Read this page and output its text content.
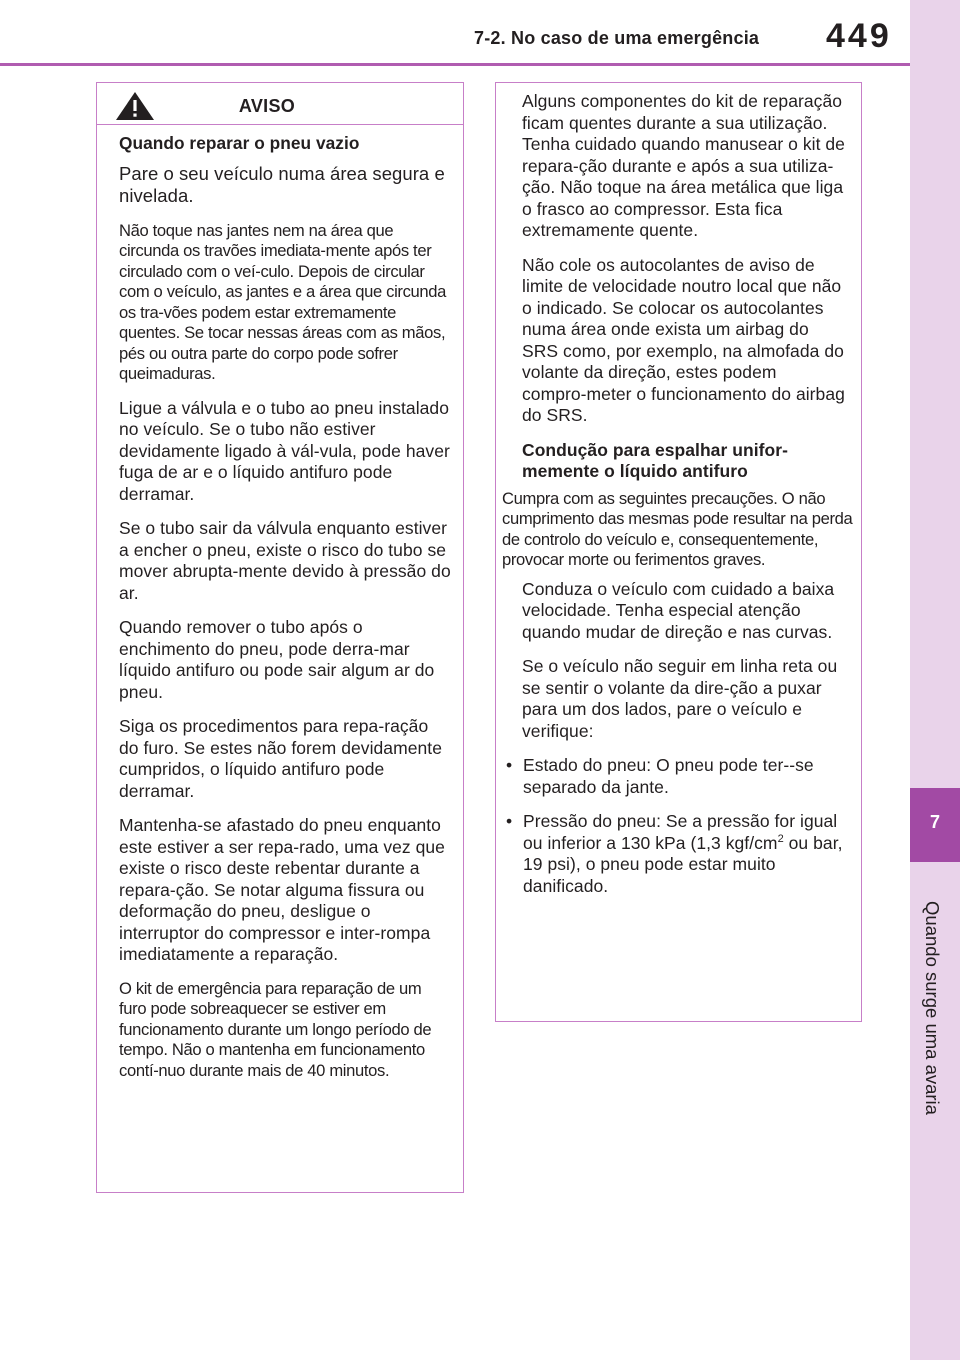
7-2. No caso de uma emergência 449
7
Quando surge uma avaria
AVISO
Quando reparar o pneu vazio
Pare o seu veículo numa área segura e nivelada.
Não toque nas jantes nem na área que circunda os travões imediata-mente após ter circulado com o veí-culo. Depois de circular com o veículo, as jantes e a área que circunda os tra-vões podem estar extremamente quentes. Se tocar nessas áreas com as mãos, pés ou outra parte do corpo pode sofrer queimaduras.
Ligue a válvula e o tubo ao pneu instalado no veículo. Se o tubo não estiver devidamente ligado à vál-vula, pode haver fuga de ar e o líquido antifuro pode derramar.
Se o tubo sair da válvula enquanto estiver a encher o pneu, existe o risco do tubo se mover abrupta-mente devido à pressão do ar.
Quando remover o tubo após o enchimento do pneu, pode derra-mar líquido antifuro ou pode sair algum ar do pneu.
Siga os procedimentos para repa-ração do furo. Se estes não forem devidamente cumpridos, o líquido antifuro pode derramar.
Mantenha-se afastado do pneu enquanto este estiver a ser repa-rado, uma vez que existe o risco deste rebentar durante a repara-ção. Se notar alguma fissura ou deformação do pneu, desligue o interruptor do compressor e inter-rompa imediatamente a reparação.
O kit de emergência para reparação de um furo pode sobreaquecer se estiver em funcionamento durante um longo período de tempo. Não o mantenha em funcionamento contí-nuo durante mais de 40 minutos.
Alguns componentes do kit de reparação ficam quentes durante a sua utilização. Tenha cuidado quando manusear o kit de repara-ção durante e após a sua utiliza-ção. Não toque na área metálica que liga o frasco ao compressor. Esta fica extremamente quente.
Não cole os autocolantes de aviso de limite de velocidade noutro local que não o indicado. Se colocar os autocolantes numa área onde exista um airbag do SRS como, por exemplo, na almofada do volante da direção, estes podem compro-meter o funcionamento do airbag do SRS.
Condução para espalhar unifor-memente o líquido antifuro
Cumpra com as seguintes precauções. O não cumprimento das mesmas pode resultar na perda de controlo do veículo e, consequentemente, provocar morte ou ferimentos graves.
Conduza o veículo com cuidado a baixa velocidade. Tenha especial atenção quando mudar de direção e nas curvas.
Se o veículo não seguir em linha reta ou se sentir o volante da dire-ção a puxar para um dos lados, pare o veículo e verifique:
• Estado do pneu: O pneu pode ter--se separado da jante.
• Pressão do pneu: Se a pressão for igual ou inferior a 130 kPa (1,3 kgf/$cm^2$ ou bar, 19 psi), o pneu pode estar muito danificado.
